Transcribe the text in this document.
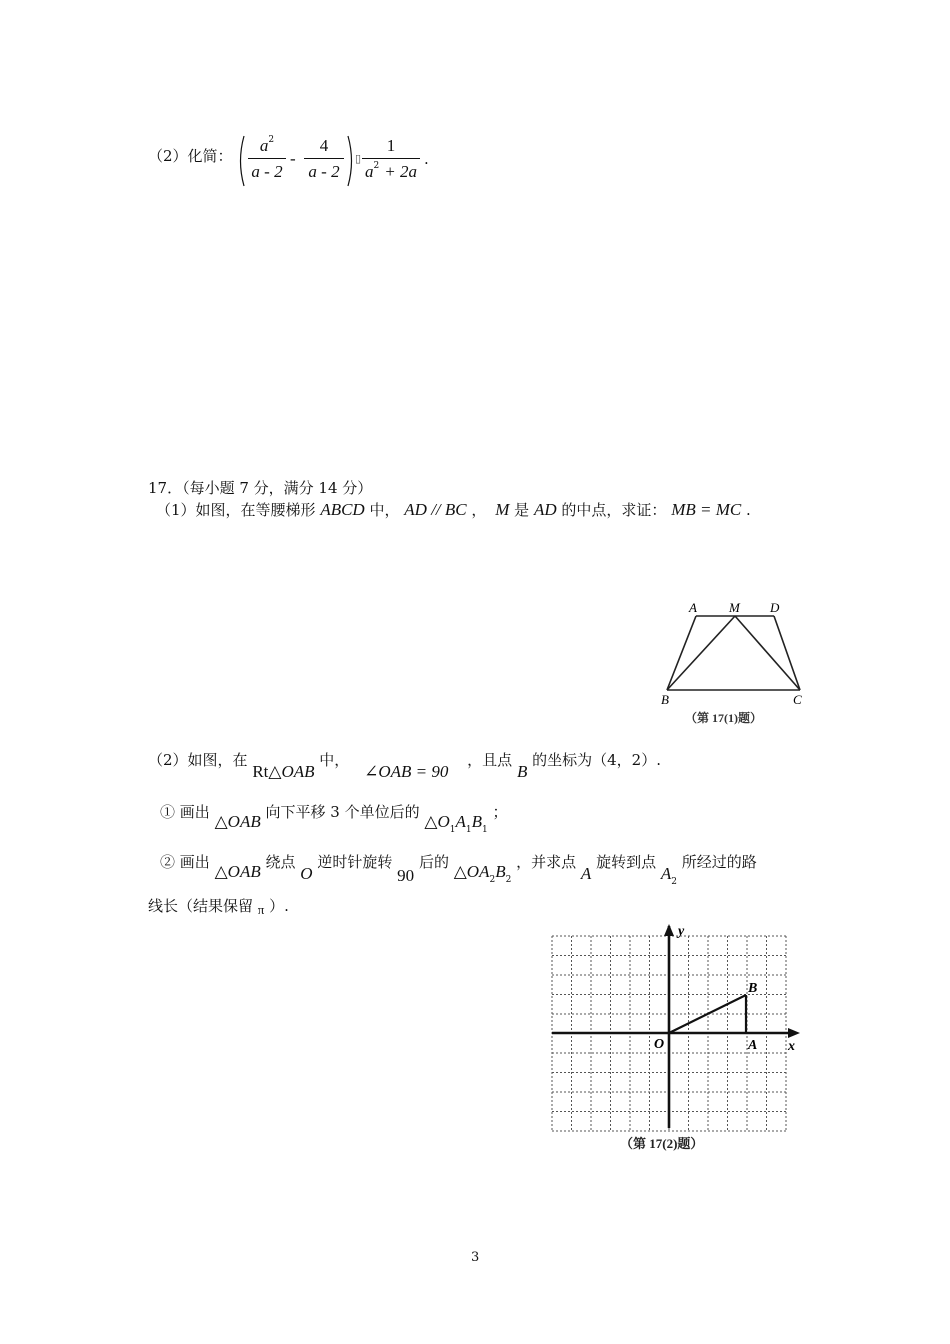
（2）化简：
$a^2$
a - 2
-
4
a - 2
▯
1
$a^2 + 2a$
.
17．（每小题 7 分，满分 14 分）
（1）如图，在等腰梯形 ABCD 中， AD // BC ， M 是 AD 的中点，求证： MB = MC .
A M D
B	C
（第 17(1)题）
（2）如图，在 Rt△OAB 中， ∠OAB = 90 ，且点 B 的坐标为（4，2）.
① 画出 △OAB 向下平移 3 个单位后的 $\triangle O_1A_1B_1$ ；
② 画出 △OAB 绕点 O 逆时针旋转 90 后的 $\triangle OA_2B_2$ ，并求点 A 旋转到点 $A_2$ 所经过的路
线长（结果保留 π ）.
y
x
O	A
B
（第 17(2)题）
3
